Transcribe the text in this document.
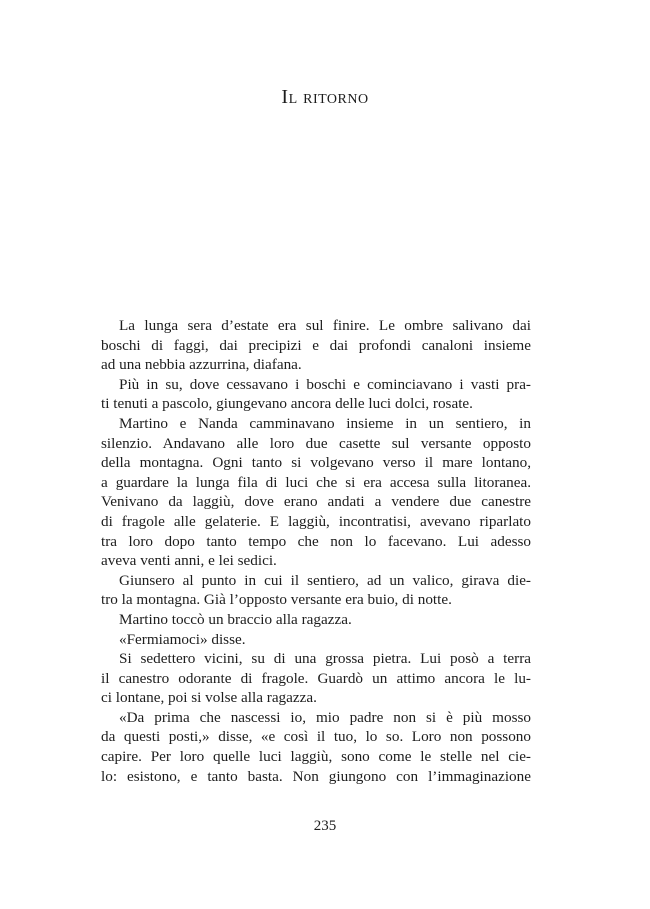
Il ritorno
La lunga sera d’estate era sul finire. Le ombre salivano dai
boschi di faggi, dai precipizi e dai profondi canaloni insieme
ad una nebbia azzurrina, diafana.
Più in su, dove cessavano i boschi e cominciavano i vasti pra-
ti tenuti a pascolo, giungevano ancora delle luci dolci, rosate.
Martino e Nanda camminavano insieme in un sentiero, in
silenzio. Andavano alle loro due casette sul versante opposto
della montagna. Ogni tanto si volgevano verso il mare lontano,
a guardare la lunga fila di luci che si era accesa sulla litoranea.
Venivano da laggiù, dove erano andati a vendere due canestre
di fragole alle gelaterie. E laggiù, incontratisi, avevano riparlato
tra loro dopo tanto tempo che non lo facevano. Lui adesso
aveva venti anni, e lei sedici.
Giunsero al punto in cui il sentiero, ad un valico, girava die-
tro la montagna. Già l’opposto versante era buio, di notte.
Martino toccò un braccio alla ragazza.
«Fermiamoci» disse.
Si sedettero vicini, su di una grossa pietra. Lui posò a terra
il canestro odorante di fragole. Guardò un attimo ancora le lu-
ci lontane, poi si volse alla ragazza.
«Da prima che nascessi io, mio padre non si è più mosso
da questi posti,» disse, «e così il tuo, lo so. Loro non possono
capire. Per loro quelle luci laggiù, sono come le stelle nel cie-
lo: esistono, e tanto basta. Non giungono con l’immaginazione
235
